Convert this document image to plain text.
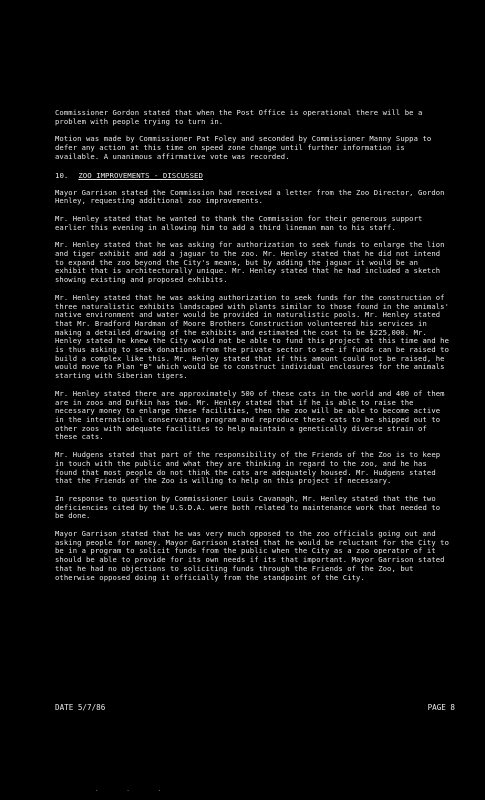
Commissioner Gordon stated that when the Post Office is operational there will be a problem with people trying to turn in.

Motion was made by Commissioner Pat Foley and seconded by Commissioner Manny Suppa to defer any action at this time on speed zone change until further information is available. A unanimous affirmative vote was recorded.

10. ZOO IMPROVEMENTS - DISCUSSED

Mayor Garrison stated the Commission had received a letter from the Zoo Director, Gordon Henley, requesting additional zoo improvements.

Mr. Henley stated that he wanted to thank the Commission for their generous support earlier this evening in allowing him to add a third lineman man to his staff.

Mr. Henley stated that he was asking for authorization to seek funds to enlarge the lion and tiger exhibit and add a jaguar to the zoo. Mr. Henley stated that he did not intend to expand the zoo beyond the City's means, but by adding the jaguar it would be an exhibit that is architecturally unique. Mr. Henley stated that he had included a sketch showing existing and proposed exhibits.

Mr. Henley stated that he was asking authorization to seek funds for the construction of three naturalistic exhibits landscaped with plants similar to those found in the animals' native environment and water would be provided in naturalistic pools. Mr. Henley stated that Mr. Bradford Hardman of Moore Brothers Construction volunteered his services in making a detailed drawing of the exhibits and estimated the cost to be $225,000. Mr. Henley stated he knew the City would not be able to fund this project at this time and he is thus asking to seek donations from the private sector to see if funds can be raised to build a complex like this. Mr. Henley stated that if this amount could not be raised, he would move to Plan "B" which would be to construct individual enclosures for the animals starting with Siberian tigers.

Mr. Henley stated there are approximately 500 of these cats in the world and 400 of them are in zoos and Dufkin has two. Mr. Henley stated that if he is able to raise the necessary money to enlarge these facilities, then the zoo will be able to become active in the international conservation program and reproduce these cats to be shipped out to other zoos with adequate facilities to help maintain a genetically diverse strain of these cats.

Mr. Hudgens stated that part of the responsibility of the Friends of the Zoo is to keep in touch with the public and what they are thinking in regard to the zoo, and he has found that most people do not think the cats are adequately housed. Mr. Hudgens stated that the Friends of the Zoo is willing to help on this project if necessary.

In response to question by Commissioner Louis Cavanagh, Mr. Henley stated that the two deficiencies cited by the U.S.D.A. were both related to maintenance work that needed to be done.

Mayor Garrison stated that he was very much opposed to the zoo officials going out and asking people for money. Mayor Garrison stated that he would be reluctant for the City to be in a program to solicit funds from the public when the City as a zoo operator of it should be able to provide for its own needs if its that important. Mayor Garrison stated that he had no objections to soliciting funds through the Friends of the Zoo, but otherwise opposed doing it officially from the standpoint of the City.

DATE 5/7/86	PAGE 8
. . .
